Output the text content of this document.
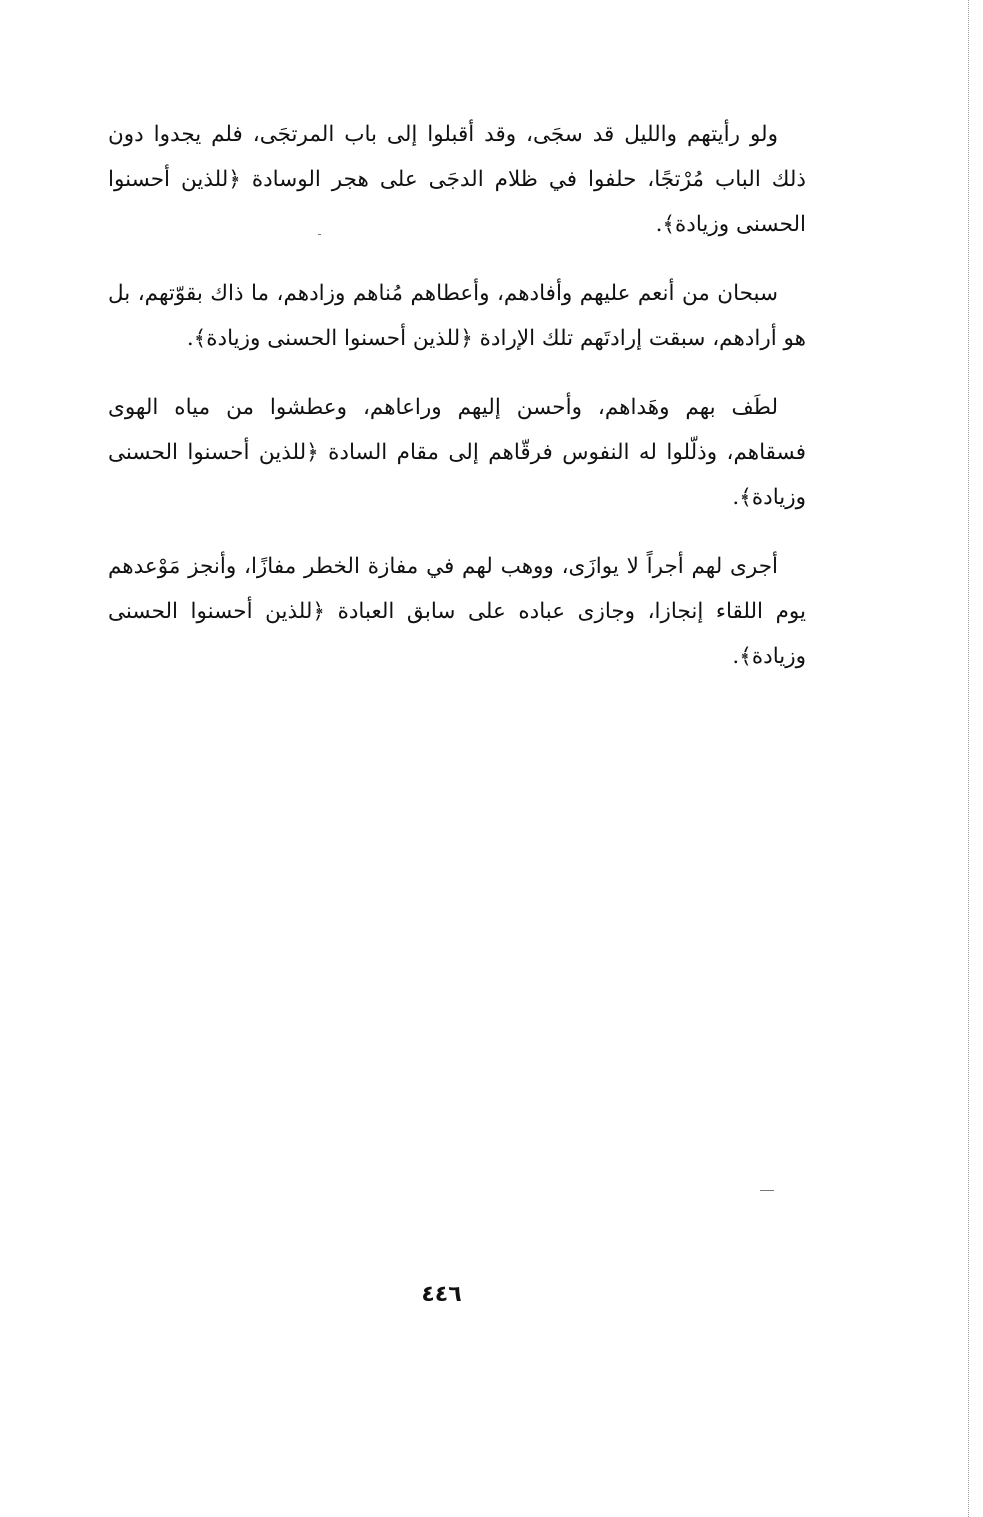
ولو رأيتهم والليل قد سجَى، وقد أقبلوا إلى باب المرتجَى، فلم يجدوا دون ذلك الباب مُرْتجًا، حلفوا في ظلام الدجَى على هجر الوسادة ﴿للذين أحسنوا الحسنى وزيادة﴾.

سبحان من أنعم عليهم وأفادهم، وأعطاهم مُناهم وزادهم، ما ذاك بقوّتهم، بل هو أرادهم، سبقت إرادتَهم تلك الإرادة ﴿للذين أحسنوا الحسنى وزيادة﴾.

لطَف بهم وهَداهم، وأحسن إليهم وراعاهم، وعطشوا من مياه الهوى فسقاهم، وذلّلوا له النفوس فرقّاهم إلى مقام السادة ﴿للذين أحسنوا الحسنى وزيادة﴾.

أجرى لهم أجراً لا يوازَى، ووهب لهم في مفازة الخطر مفازًا، وأنجز مَوْعدهم يوم اللقاء إنجازا، وجازى عباده على سابق العبادة ﴿للذين أحسنوا الحسنى وزيادة﴾.

٤٤٦
